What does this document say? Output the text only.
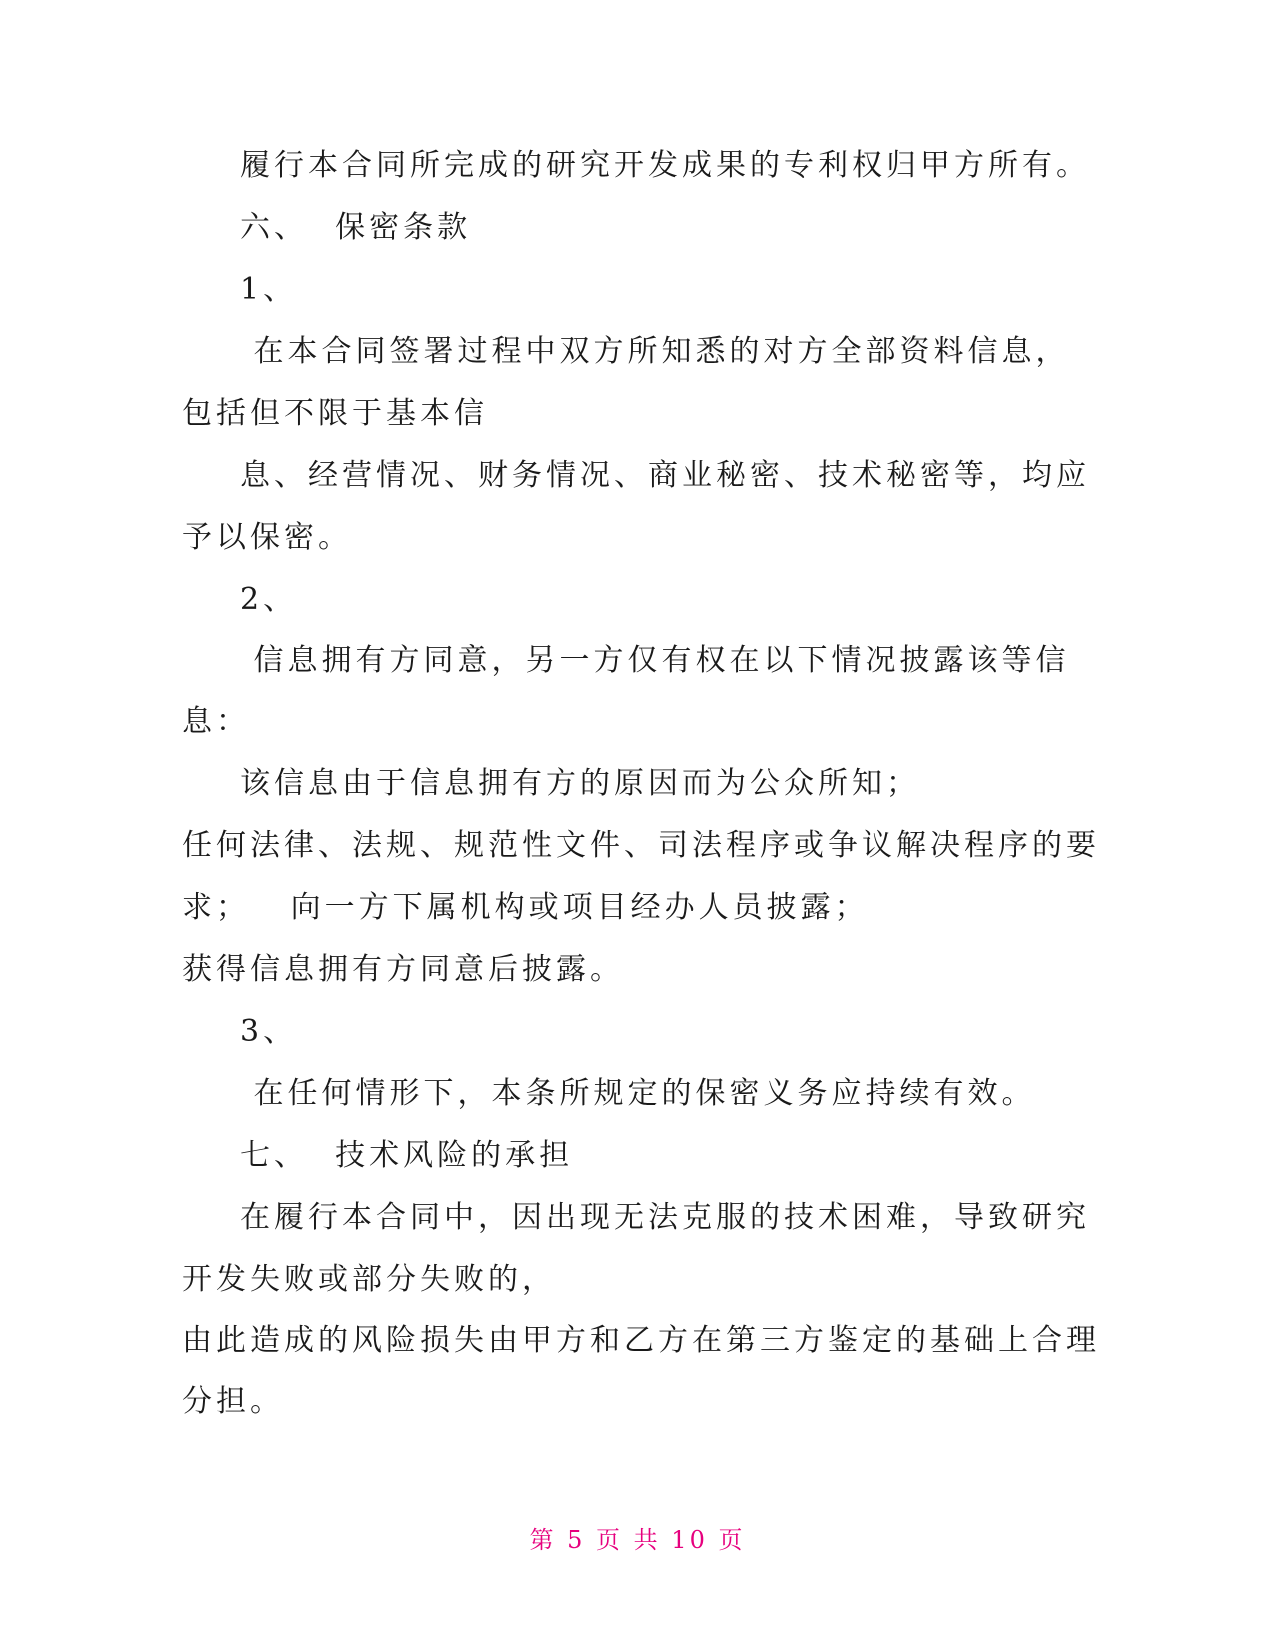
履行本合同所完成的研究开发成果的专利权归甲方所有。

六、  保密条款

1、

在本合同签署过程中双方所知悉的对方全部资料信息，

包括但不限于基本信

息、经营情况、财务情况、商业秘密、技术秘密等，均应

予以保密。

2、

信息拥有方同意，另一方仅有权在以下情况披露该等信

息：

该信息由于信息拥有方的原因而为公众所知；

任何法律、法规、规范性文件、司法程序或争议解决程序的要

求；   向一方下属机构或项目经办人员披露；

获得信息拥有方同意后披露。

3、

在任何情形下，本条所规定的保密义务应持续有效。

七、  技术风险的承担

在履行本合同中，因出现无法克服的技术困难，导致研究

开发失败或部分失败的，

由此造成的风险损失由甲方和乙方在第三方鉴定的基础上合理

分担。

第 5 页 共 10 页
